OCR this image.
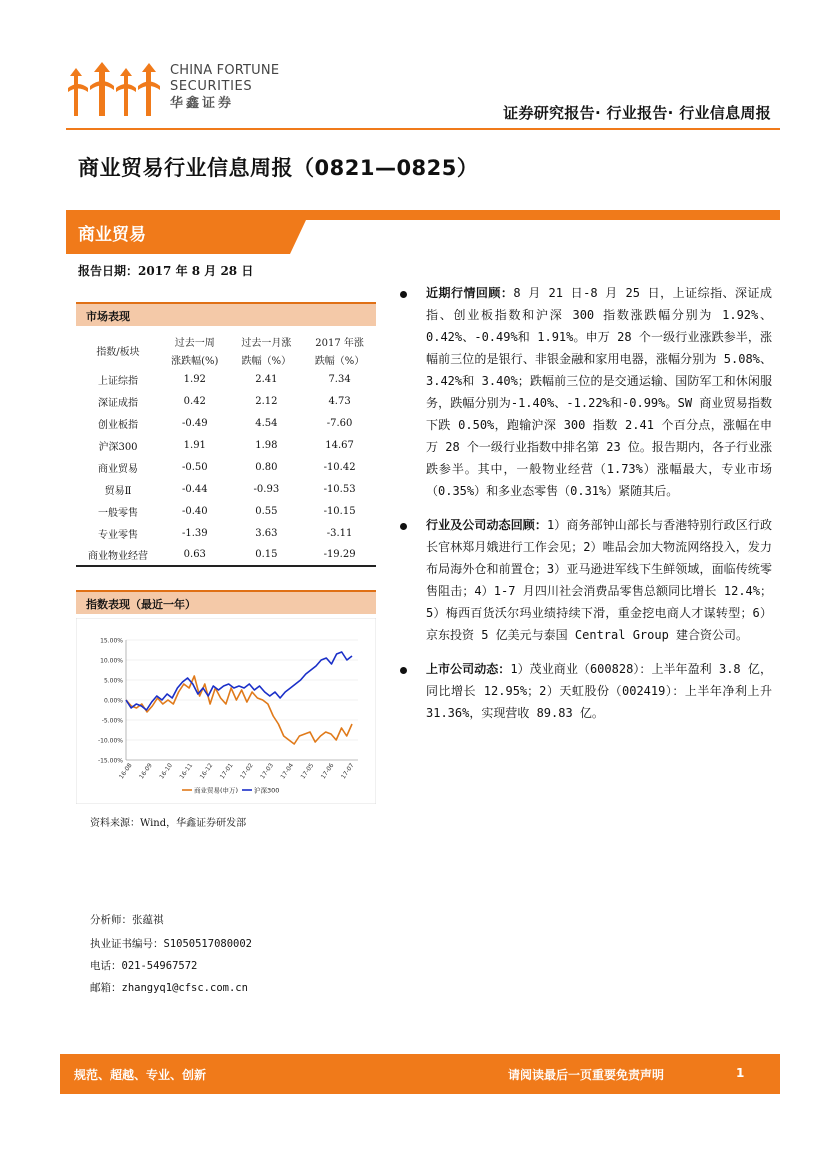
CHINA FORTUNE
SECURITIES
华鑫证券
证券研究报告· 行业报告· 行业信息周报
商业贸易行业信息周报（0821—0825）
商业贸易
报告日期：2017 年 8 月 28 日
市场表现
指数/板块	过去一周	过去一月涨	2017 年涨
	涨跌幅(%)	跌幅（%）	跌幅（%）
上证综指	1.92	2.41	7.34
深证成指	0.42	2.12	4.73
创业板指	-0.49	4.54	-7.60
沪深300	1.91	1.98	14.67
商业贸易	-0.50	0.80	-10.42
贸易Ⅱ	-0.44	-0.93	-10.53
一般零售	-0.40	0.55	-10.15
专业零售	-1.39	3.63	-3.11
商业物业经营	0.63	0.15	-19.29
指数表现（最近一年）
15.00%
10.00%
5.00%
0.00%
-5.00%
-10.00%
-15.00%
16-08 16-09 16-10 16-11 16-12 17-01 17-02 17-03 17-04 17-05 17-06 17-07
商业贸易(申万) 沪深300
资料来源：Wind，华鑫证券研发部
分析师：张蕴祺
执业证书编号：S1050517080002
电话：021-54967572
邮箱：zhangyq1@cfsc.com.cn
近期行情回顾：8 月 21 日-8 月 25 日，上证综指、深证成指、创业板指数和沪深 300 指数涨跌幅分别为 1.92%、0.42%、-0.49%和 1.91%。申万 28 个一级行业涨跌参半，涨幅前三位的是银行、非银金融和家用电器，涨幅分别为 5.08%、3.42%和 3.40%；跌幅前三位的是交通运输、国防军工和休闲服务，跌幅分别为-1.40%、-1.22%和-0.99%。SW 商业贸易指数下跌 0.50%，跑输沪深 300 指数 2.41 个百分点，涨幅在申万 28 个一级行业指数中排名第 23 位。报告期内，各子行业涨跌参半。其中，一般物业经营（1.73%）涨幅最大，专业市场（0.35%）和多业态零售（0.31%）紧随其后。
行业及公司动态回顾：1）商务部钟山部长与香港特别行政区行政长官林郑月娥进行工作会见；2）唯品会加大物流网络投入，发力布局海外仓和前置仓；3）亚马逊进军线下生鲜领域，面临传统零售阻击；4）1-7 月四川社会消费品零售总额同比增长 12.4%；5）梅西百货沃尔玛业绩持续下滑，重金挖电商人才谋转型；6）京东投资 5 亿美元与泰国 Central Group 建合资公司。
上市公司动态：1）茂业商业（600828）：上半年盈利 3.8 亿，同比增长 12.95%；2）天虹股份（002419）：上半年净利上升 31.36%，实现营收 89.83 亿。
规范、超越、专业、创新	请阅读最后一页重要免责声明	1
